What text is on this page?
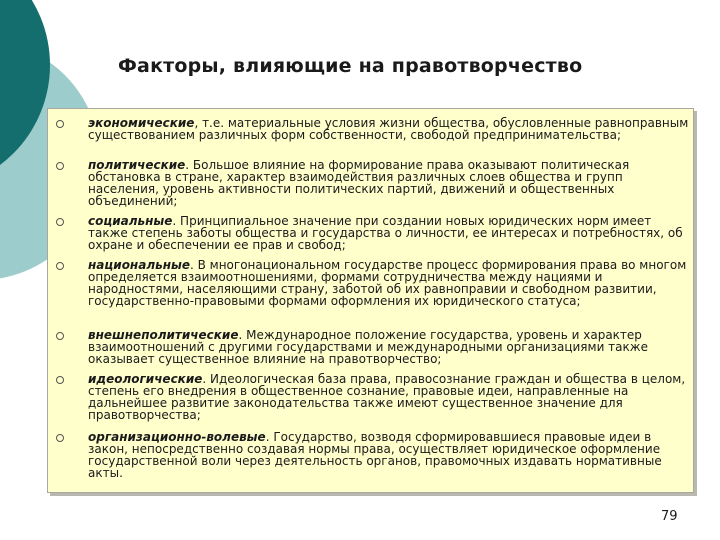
Факторы, влияющие на правотворчество
экономические, т.е. материальные условия жизни общества, обусловленные равноправным существованием различных форм собственности, свободой предпринимательства;
политические. Большое влияние на формирование права оказывают политическая обстановка в стране, характер взаимодействия различных слоев общества и групп населения, уровень активности политических партий, движений и общественных объединений;
социальные. Принципиальное значение при создании новых юридических норм имеет также степень заботы общества и государства о личности, ее интересах и потребностях, об охране и обеспечении ее прав и свобод;
национальные. В многонациональном государстве процесс формирования права во многом определяется взаимоотношениями, формами сотрудничества между нациями и народностями, населяющими страну, заботой об их равноправии и свободном развитии, государственно-правовыми формами оформления их юридического статуса;
внешнеполитические. Международное положение государства, уровень и характер взаимоотношений с другими государствами и международными организациями также оказывает существенное влияние на правотворчество;
идеологические. Идеологическая база права, правосознание граждан и общества в целом, степень его внедрения в общественное сознание, правовые идеи, направленные на дальнейшее развитие законодательства также имеют существенное значение для правотворчества;
организационно-волевые. Государство, возводя сформировавшиеся правовые идеи в закон, непосредственно создавая нормы права, осуществляет юридическое оформление государственной воли через деятельность органов, правомочных издавать нормативные акты.
79
